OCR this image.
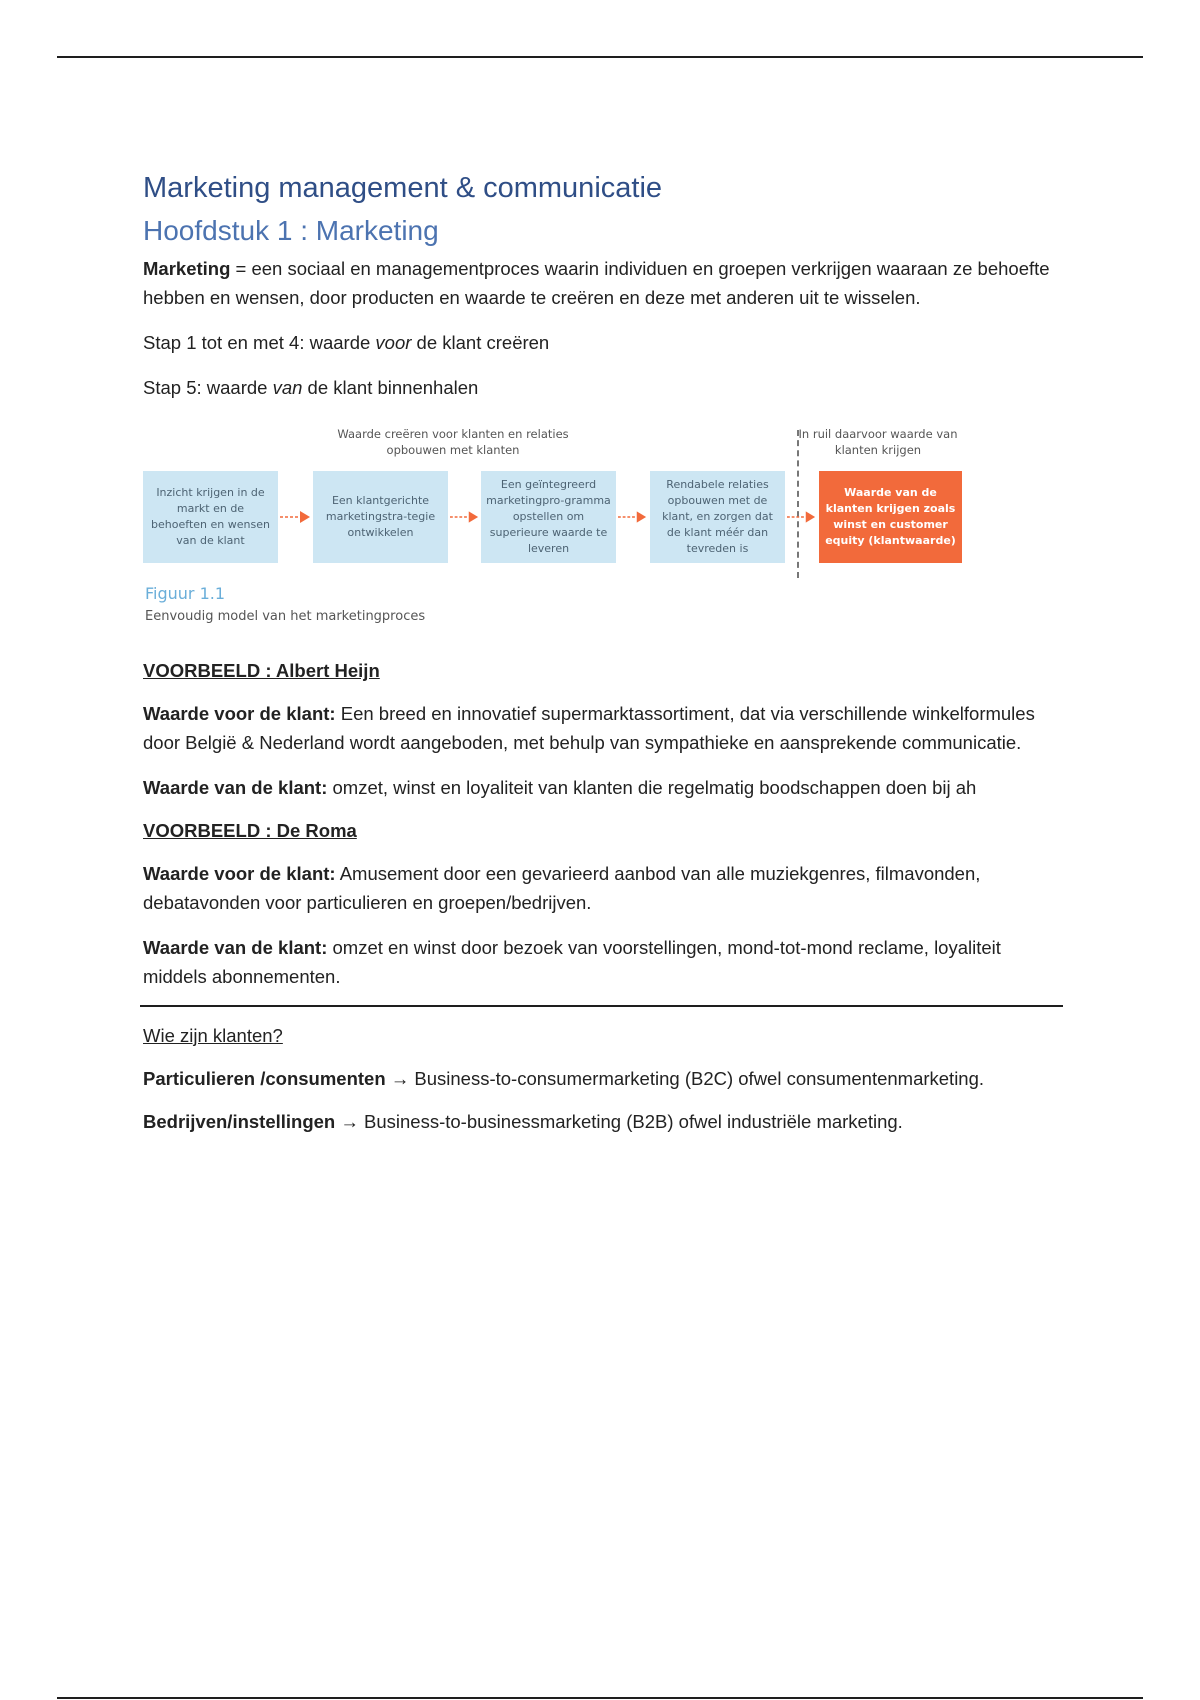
Marketing management & communicatie
Hoofdstuk 1 : Marketing

Marketing = een sociaal en managementproces waarin individuen en groepen verkrijgen waaraan ze behoefte hebben en wensen, door producten en waarde te creëren en deze met anderen uit te wisselen.

Stap 1 tot en met 4: waarde voor de klant creëren

Stap 5: waarde van de klant binnenhalen

Waarde creëren voor klanten en relaties opbouwen met klanten
In ruil daarvoor waarde van klanten krijgen
Inzicht krijgen in de markt en de behoeften en wensen van de klant
Een klantgerichte marketingstra-tegie ontwikkelen
Een geïntegreerd marketingpro-gramma opstellen om superieure waarde te leveren
Rendabele relaties opbouwen met de klant, en zorgen dat de klant méér dan tevreden is
Waarde van de klanten krijgen zoals winst en customer equity (klantwaarde)
Figuur 1.1
Eenvoudig model van het marketingproces

VOORBEELD : Albert Heijn

Waarde voor de klant: Een breed en innovatief supermarktassortiment, dat via verschillende winkelformules door België & Nederland wordt aangeboden, met behulp van sympathieke en aansprekende communicatie.

Waarde van de klant: omzet, winst en loyaliteit van klanten die regelmatig boodschappen doen bij ah

VOORBEELD : De Roma

Waarde voor de klant: Amusement door een gevarieerd aanbod van alle muziekgenres, filmavonden, debatavonden voor particulieren en groepen/bedrijven.

Waarde van de klant: omzet en winst door bezoek van voorstellingen, mond-tot-mond reclame, loyaliteit middels abonnementen.

Wie zijn klanten?

Particulieren /consumenten → Business-to-consumermarketing (B2C) ofwel consumentenmarketing.

Bedrijven/instellingen → Business-to-businessmarketing (B2B) ofwel industriële marketing.
